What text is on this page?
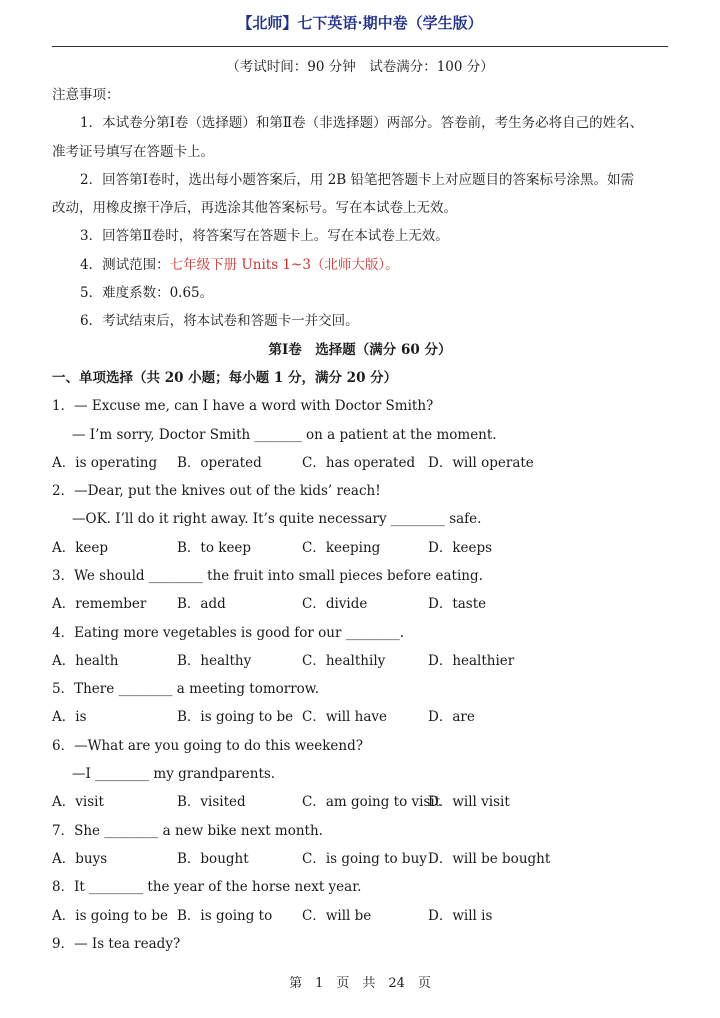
【北师】七下英语·期中卷（学生版）
（考试时间：90 分钟　试卷满分：100 分）
注意事项：
1．本试卷分第Ⅰ卷（选择题）和第Ⅱ卷（非选择题）两部分。答卷前，考生务必将自己的姓名、
准考证号填写在答题卡上。
2．回答第Ⅰ卷时，选出每小题答案后，用 2B 铅笔把答题卡上对应题目的答案标号涂黑。如需
改动，用橡皮擦干净后，再选涂其他答案标号。写在本试卷上无效。
3．回答第Ⅱ卷时，将答案写在答题卡上。写在本试卷上无效。
4．测试范围：七年级下册 Units 1~3（北师大版）。
5．难度系数：0.65。
6．考试结束后，将本试卷和答题卡一并交回。
第Ⅰ卷　选择题（满分 60 分）
一、单项选择（共 20 小题；每小题 1 分，满分 20 分）
1．— Excuse me, can I have a word with Doctor Smith?
— I’m sorry, Doctor Smith _______ on a patient at the moment.
A．is operating B．operated	C．has operated D．will operate
2．—Dear, put the knives out of the kids’ reach!
—OK. I’ll do it right away. It’s quite necessary ________ safe.
A．keep	B．to keep	C．keeping	D．keeps
3．We should ________ the fruit into small pieces before eating.
A．remember B．add	C．divide	D．taste
4．Eating more vegetables is good for our ________.
A．health	B．healthy	C．healthily	D．healthier
5．There ________ a meeting tomorrow.
A．is	B．is going to be C．will have	D．are
6．—What are you going to do this weekend?
—I ________ my grandparents.
A．visit	B．visited	C．am going to visit
D．will visit
7．She ________ a new bike next month.
A．buys	B．bought	C．is going to buy D．will be bought
8．It ________ the year of the horse next year.
A．is going to be B．is going to C．will be	D．will is
9．— Is tea ready?
第　1　页　共　24　页
